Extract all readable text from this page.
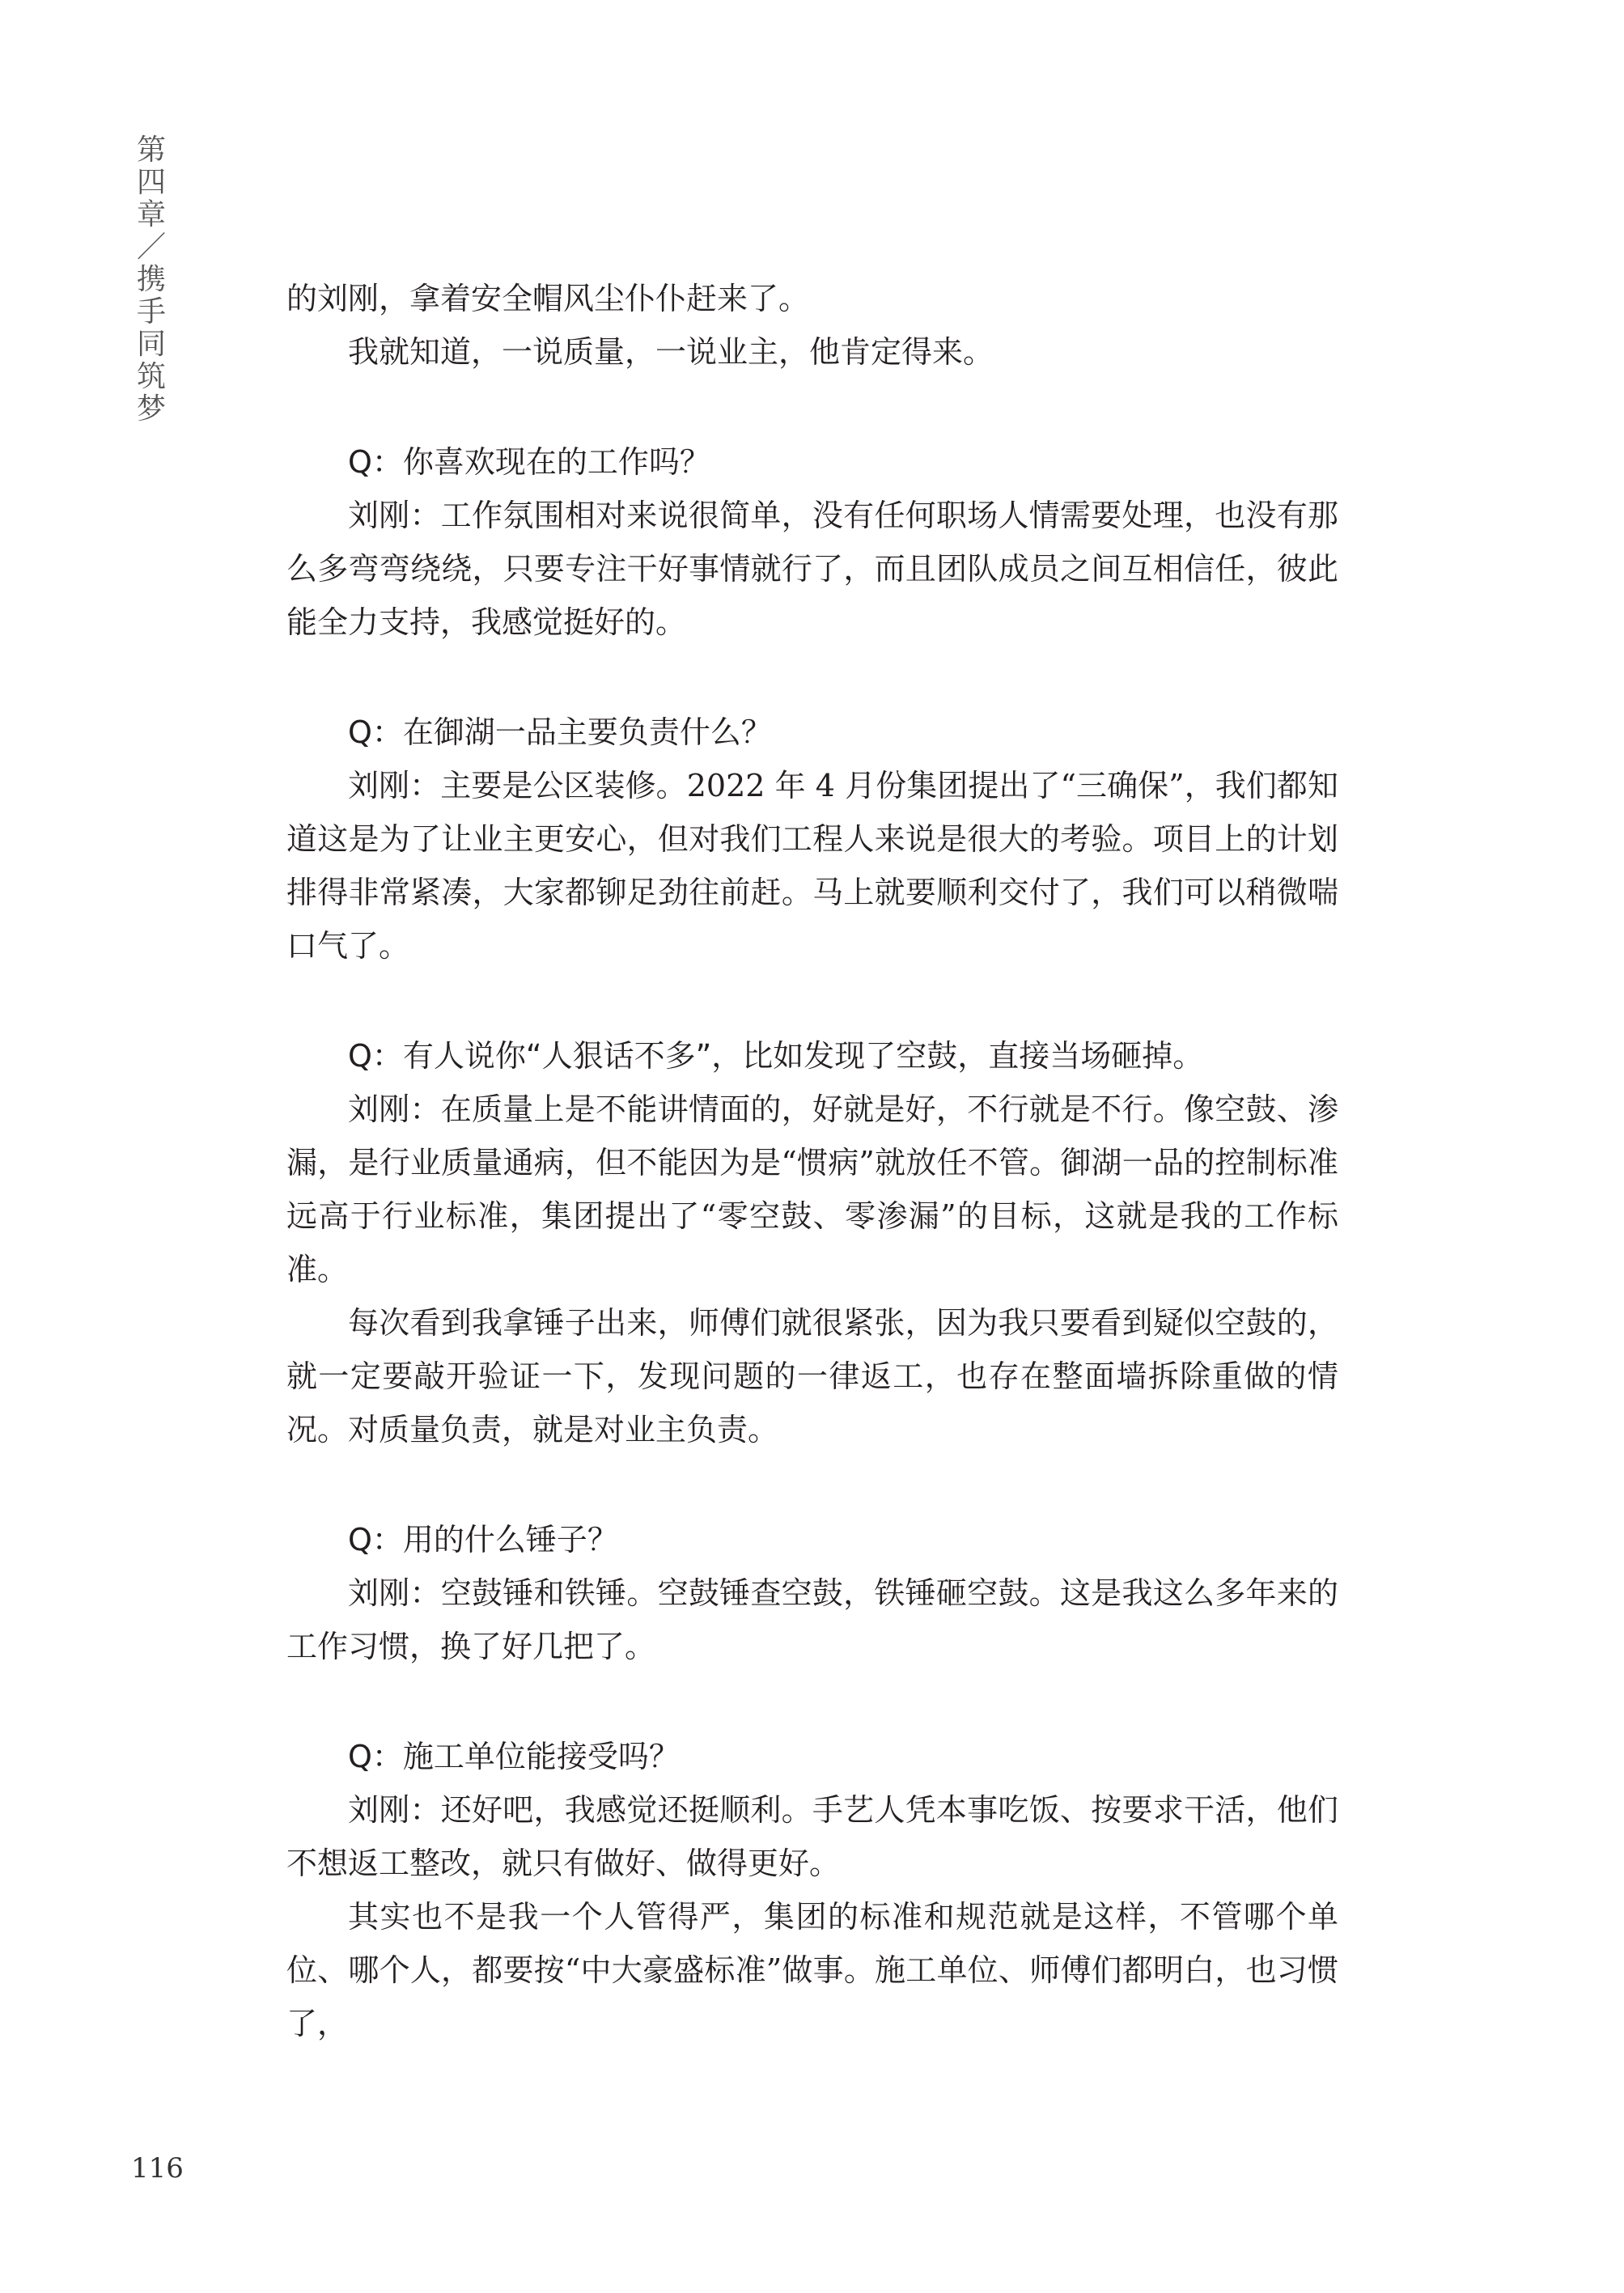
第
四
章
／
携
手
同
筑
梦

的刘刚，拿着安全帽风尘仆仆赶来了。

我就知道，一说质量，一说业主，他肯定得来。

Q：你喜欢现在的工作吗？

刘刚：工作氛围相对来说很简单，没有任何职场人情需要处理，也没有那么多弯弯绕绕，只要专注干好事情就行了，而且团队成员之间互相信任，彼此能全力支持，我感觉挺好的。

Q：在御湖一品主要负责什么？

刘刚：主要是公区装修。2022 年 4 月份集团提出了“三确保”，我们都知道这是为了让业主更安心，但对我们工程人来说是很大的考验。项目上的计划排得非常紧凑，大家都铆足劲往前赶。马上就要顺利交付了，我们可以稍微喘口气了。

Q：有人说你“人狠话不多”，比如发现了空鼓，直接当场砸掉。

刘刚：在质量上是不能讲情面的，好就是好，不行就是不行。像空鼓、渗漏，是行业质量通病，但不能因为是“惯病”就放任不管。御湖一品的控制标准远高于行业标准，集团提出了“零空鼓、零渗漏”的目标，这就是我的工作标准。

每次看到我拿锤子出来，师傅们就很紧张，因为我只要看到疑似空鼓的，就一定要敲开验证一下，发现问题的一律返工，也存在整面墙拆除重做的情况。对质量负责，就是对业主负责。

Q：用的什么锤子？

刘刚：空鼓锤和铁锤。空鼓锤查空鼓，铁锤砸空鼓。这是我这么多年来的工作习惯，换了好几把了。

Q：施工单位能接受吗？

刘刚：还好吧，我感觉还挺顺利。手艺人凭本事吃饭、按要求干活，他们不想返工整改，就只有做好、做得更好。

其实也不是我一个人管得严，集团的标准和规范就是这样，不管哪个单位、哪个人，都要按“中大豪盛标准”做事。施工单位、师傅们都明白，也习惯了，

116
